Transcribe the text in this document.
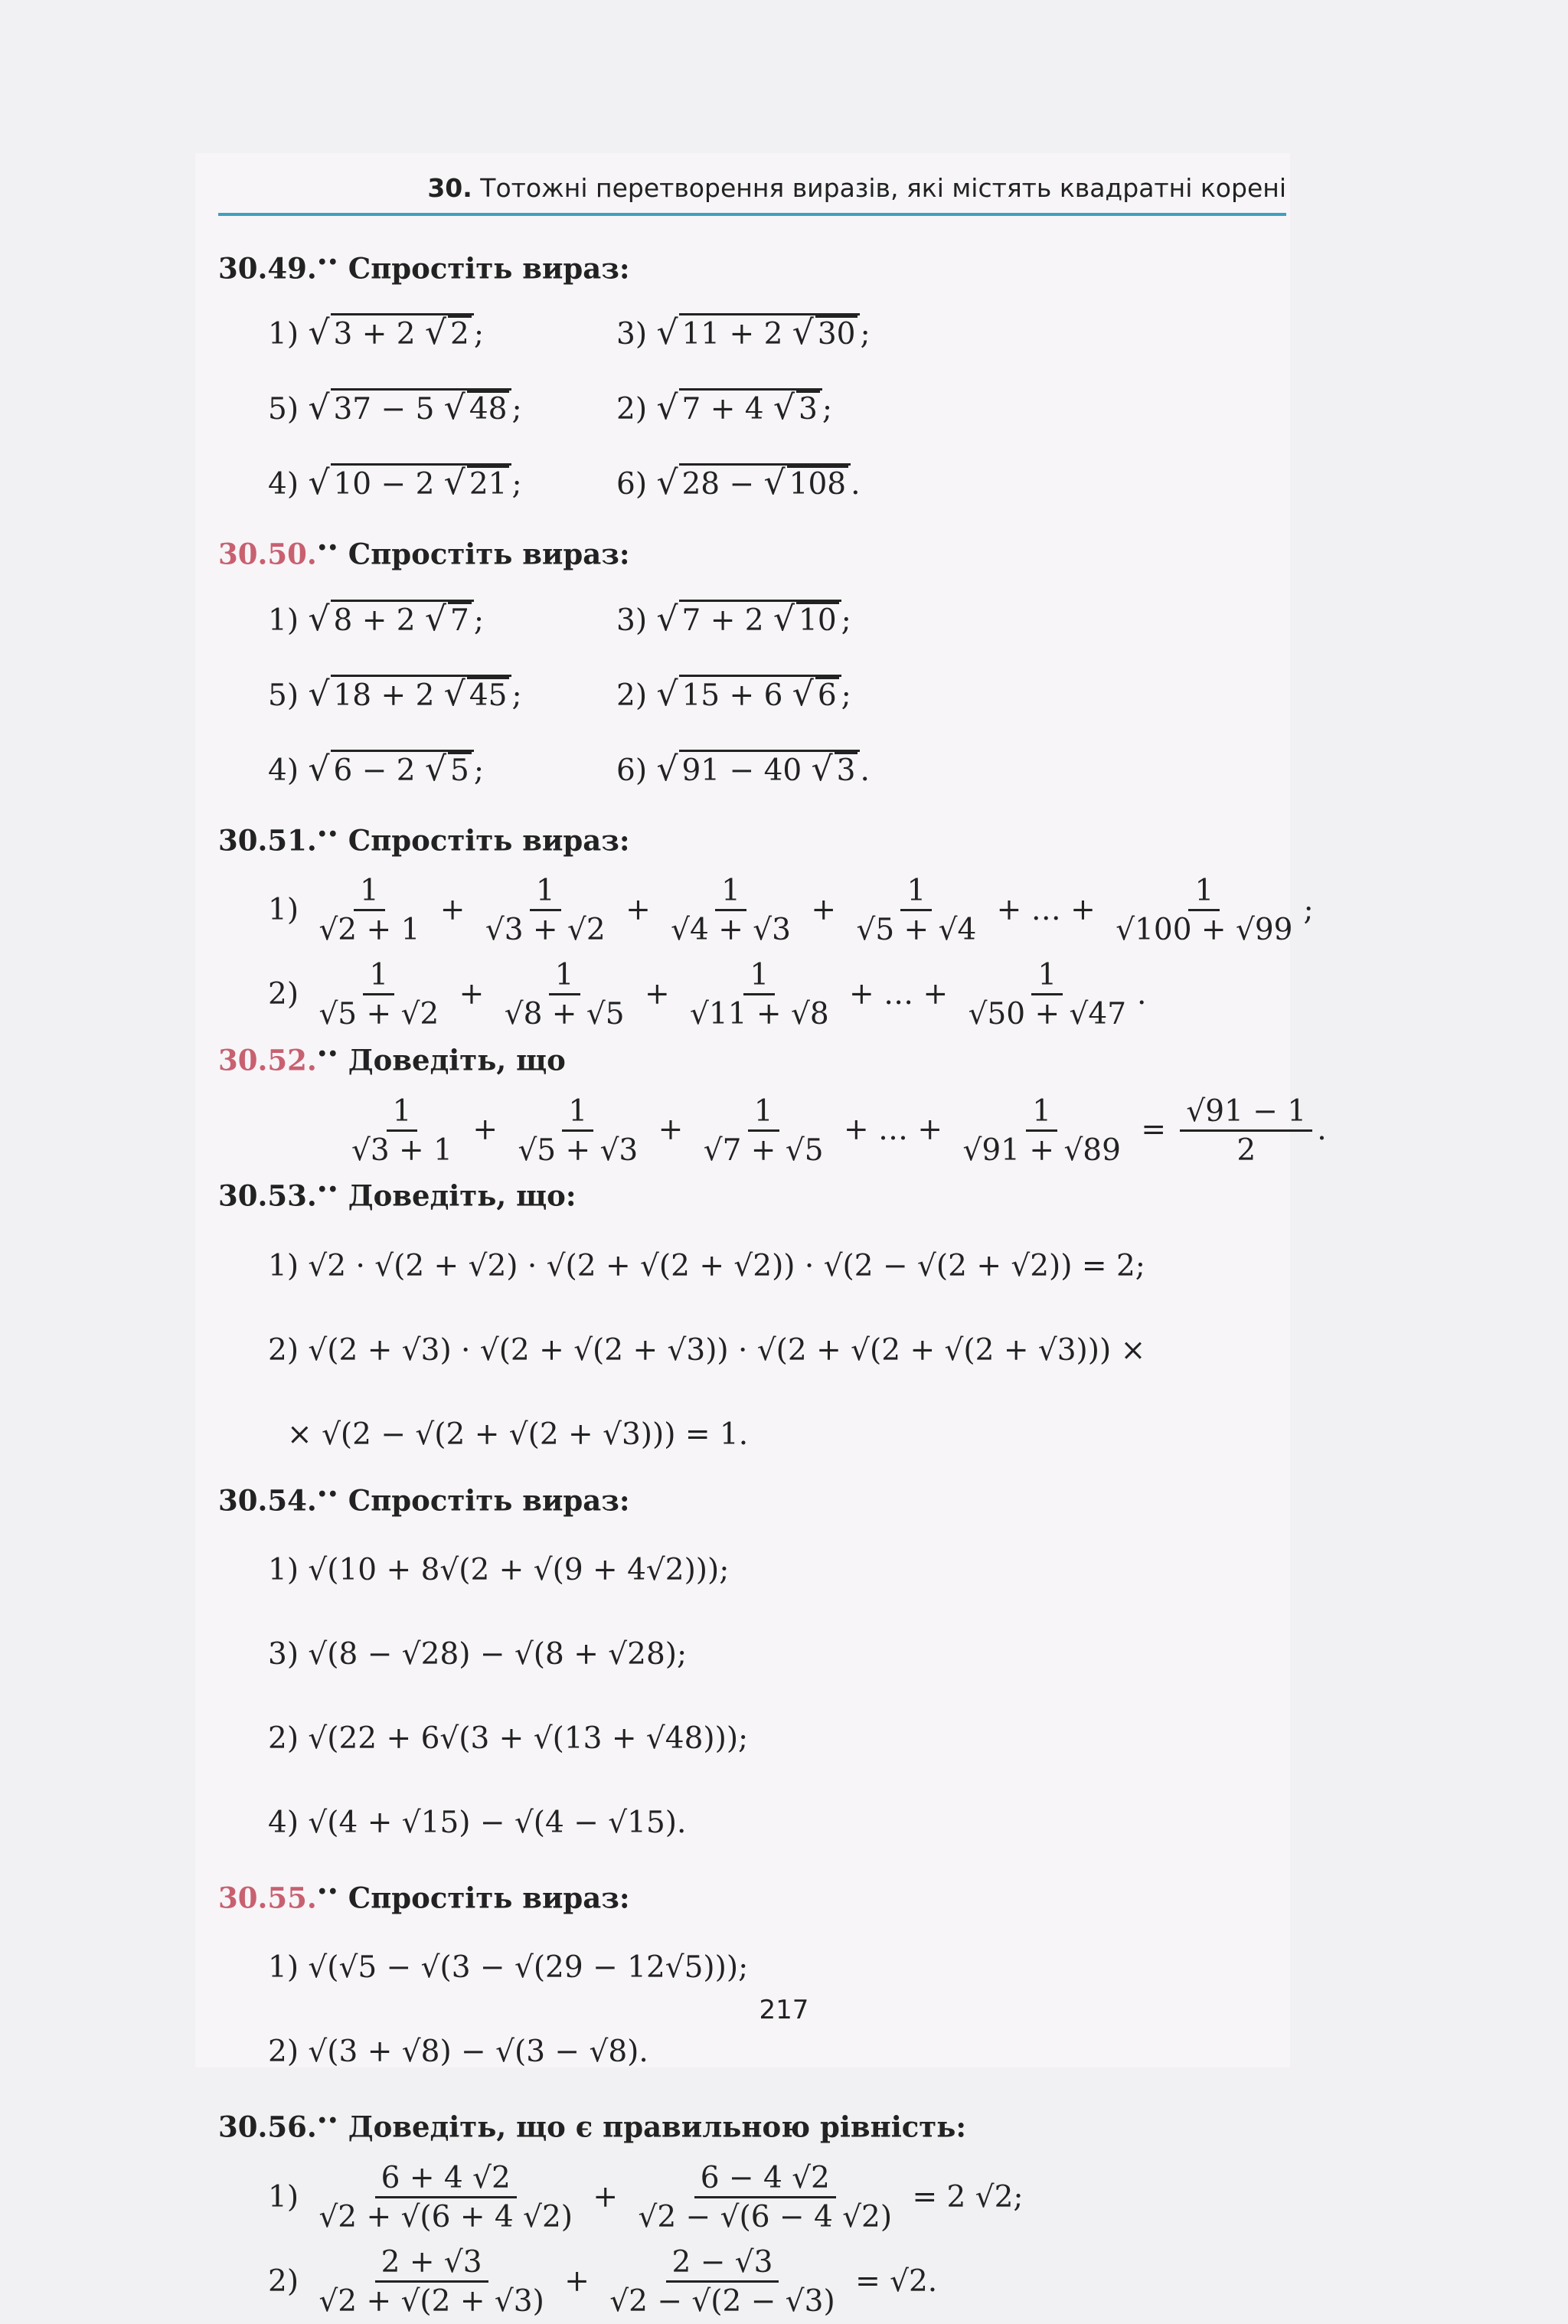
30. Тотожні перетворення виразів, які містять квадратні корені
30.49.•• Спростіть вираз:
1) √ 3 + 2 √ 2 ;	3) √ 11 + 2 √ 30 ;
5) √ 37 − 5 √ 48 ;	2) √ 7 + 4 √ 3 ;
4) √ 10 − 2 √ 21 ;	6) √ 28 − √ 108 .
30.50.•• Спростіть вираз:
1) √ 8 + 2 √ 7 ;	3) √ 7 + 2 √ 10 ;
5) √ 18 + 2 √ 45 ;	2) √ 15 + 6 √ 6 ;
4) √ 6 − 2 √ 5 ;	6) √ 91 − 40 √ 3 .
30.51.•• Спростіть вираз:
$1) \frac{1}{√2 + 1} + \frac{1}{√3 + √2} + \frac{1}{√4 + √3} + \frac{1}{√5 + √4}$ + … + $\frac{1}{√100 + √99}$ ;
$2) \frac{1}{√5 + √2} + \frac{1}{√8 + √5} + \frac{1}{√11 + √8}$ + … + $\frac{1}{√50 + √47}$ .
30.52.•• Доведіть, що
$\frac{1}{√3 + 1} + \frac{1}{√5 + √3} + \frac{1}{√7 + √5}$ + … + $\frac{1}{√91 + √89} = \frac{√91 - 1}{2}$ .
30.53.•• Доведіть, що:
1) √2 · √(2 + √2) · √(2 + √(2 + √2)) · √(2 − √(2 + √2)) = 2;
2) √(2 + √3) · √(2 + √(2 + √3)) · √(2 + √(2 + √(2 + √3))) ×
× √(2 − √(2 + √(2 + √3))) = 1.
30.54.•• Спростіть вираз:
1) √(10 + 8√(2 + √(9 + 4√2)));
3) √(8 − √28) − √(8 + √28);
2) √(22 + 6√(3 + √(13 + √48)));
4) √(4 + √15) − √(4 − √15).
30.55.•• Спростіть вираз:
1) √(√5 − √(3 − √(29 − 12√5)));
2) √(3 + √8) − √(3 − √8).
30.56.•• Доведіть, що є правильною рівність:
$1) \frac{6 + 4 √2}{√2 + √(6 + 4 √2)} + \frac{6 - 4 √2}{√2 - √(6 - 4 √2)} = 2$ √2;
$2) \frac{2 + √3}{√2 + √(2 + √3)} + \frac{2 - √3}{√2 - √(2 - √3)} = √2$.
217
